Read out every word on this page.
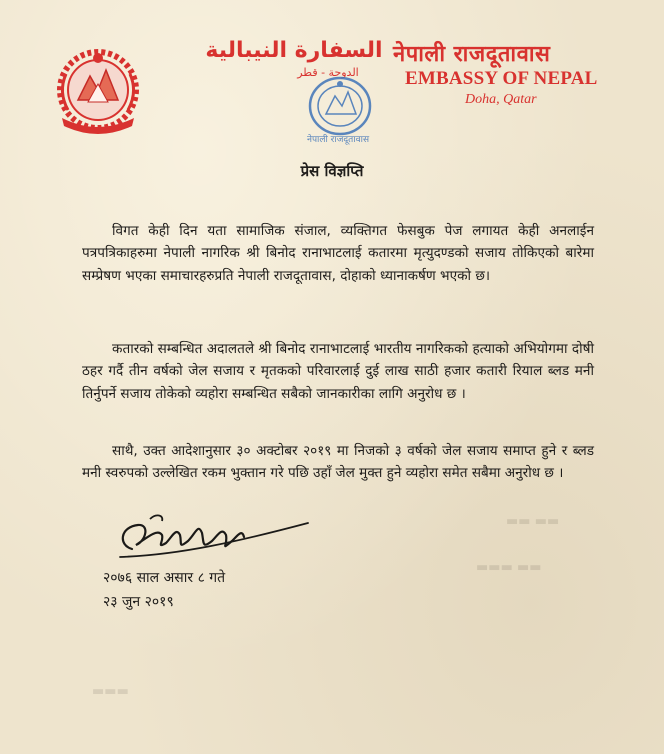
السفارة النيبالية
الدوحة - قطر
नेपाली राजदूतावास
EMBASSY OF NEPAL
Doha, Qatar
नेपाली राजदूतावास
प्रेस विज्ञप्ति

विगत केही दिन यता सामाजिक संजाल, व्यक्तिगत फेसबुक पेज लगायत केही अनलाईन पत्रपत्रिकाहरुमा नेपाली नागरिक श्री बिनोद रानाभाटलाई कतारमा मृत्युदण्डको सजाय तोकिएको बारेमा सम्प्रेषण भएका समाचारहरुप्रति नेपाली राजदूतावास, दोहाको ध्यानाकर्षण भएको छ।

कतारको सम्बन्धित अदालतले श्री बिनोद रानाभाटलाई भारतीय नागरिकको हत्याको अभियोगमा दोषी ठहर गर्दै तीन वर्षको जेल सजाय र मृतकको परिवारलाई दुई लाख साठी हजार कतारी रियाल ब्लड मनी तिर्नुपर्ने सजाय तोकेको व्यहोरा सम्बन्धित सबैको जानकारीका लागि अनुरोध छ ।

साथै, उक्त आदेशानुसार ३० अक्टोबर २०१९ मा निजको ३ वर्षको जेल सजाय समाप्त हुने र ब्लड मनी स्वरुपको उल्लेखित रकम भुक्तान गरे पछि उहाँ जेल मुक्त हुने व्यहोरा समेत सबैमा अनुरोध छ ।

२०७६ साल असार ८ गते
२३ जुन २०१९
▬▬ ▬▬
▬▬▬ ▬▬
▬▬▬
